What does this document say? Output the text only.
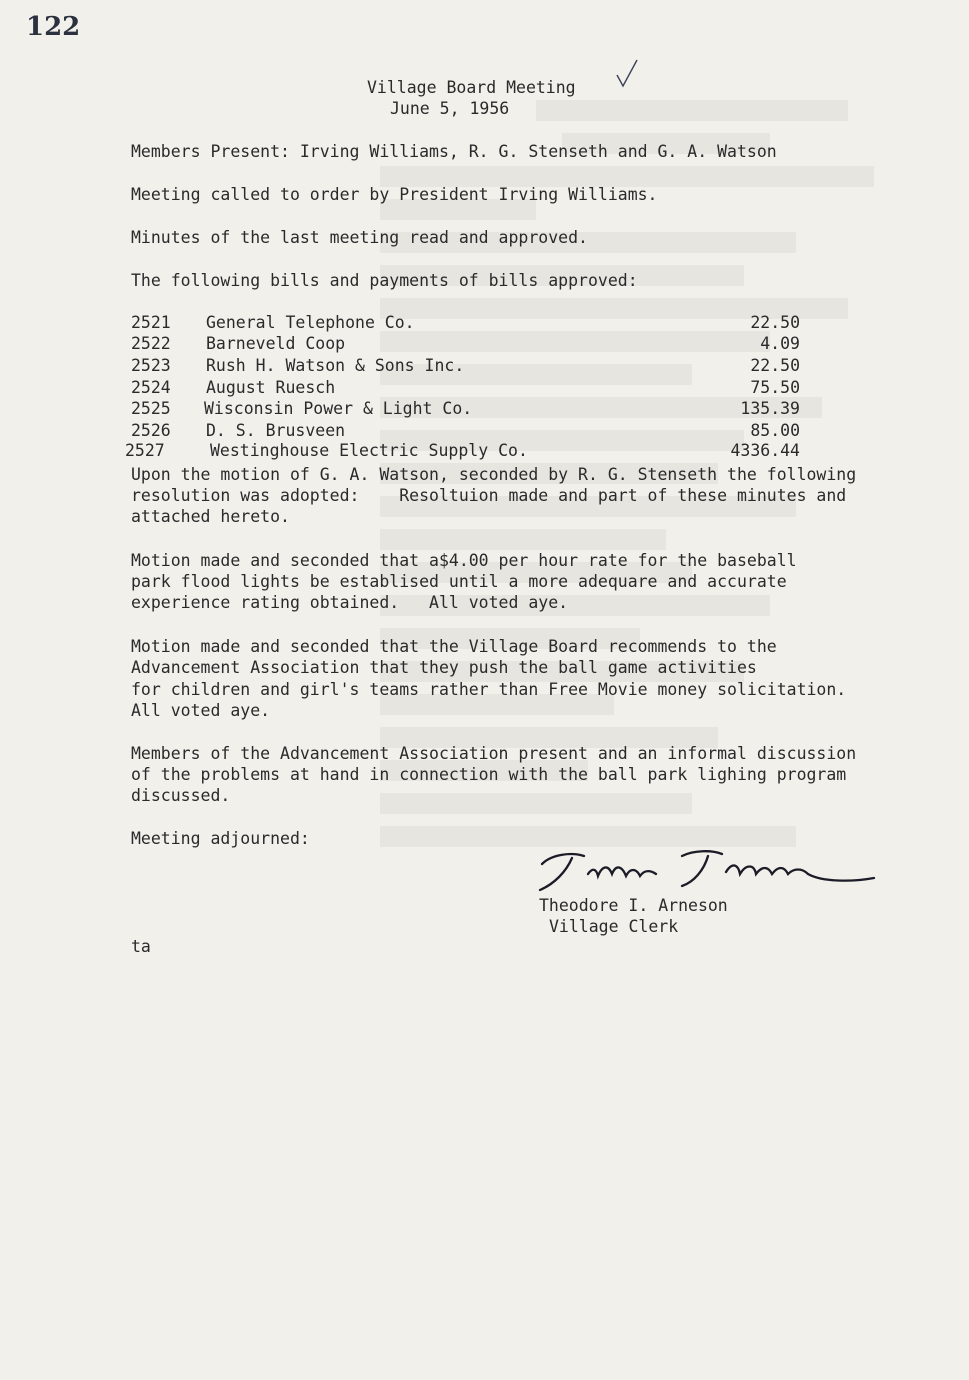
122
Village Board Meeting
June 5, 1956
Members Present: Irving Williams, R. G. Stenseth and G. A. Watson
Meeting called to order by President Irving Williams.
Minutes of the last meeting read and approved.
The following bills and payments of bills approved:
2521 General Telephone Co.	22.50
2522 Barneveld Coop	4.09
2523 Rush H. Watson & Sons Inc.	22.50
2524 August Ruesch	75.50
2525 Wisconsin Power & Light Co.	135.39
2526 D. S. Brusveen	85.00
2527	Westinghouse Electric Supply Co.	4336.44
Upon the motion of G. A. Watson, seconded by R. G. Stenseth the following
resolution was adopted:    Resoltuion made and part of these minutes and
attached hereto.
Motion made and seconded that a$4.00 per hour rate for the baseball
park flood lights be establised until a more adequare and accurate
experience rating obtained.   All voted aye.
Motion made and seconded that the Village Board recommends to the
Advancement Association that they push the ball game activities
for children and girl's teams rather than Free Movie money solicitation.
All voted aye.
Members of the Advancement Association present and an informal discussion
of the problems at hand in connection with the ball park lighing program
discussed.
Meeting adjourned:
Theodore I. Arneson
Village Clerk
ta
